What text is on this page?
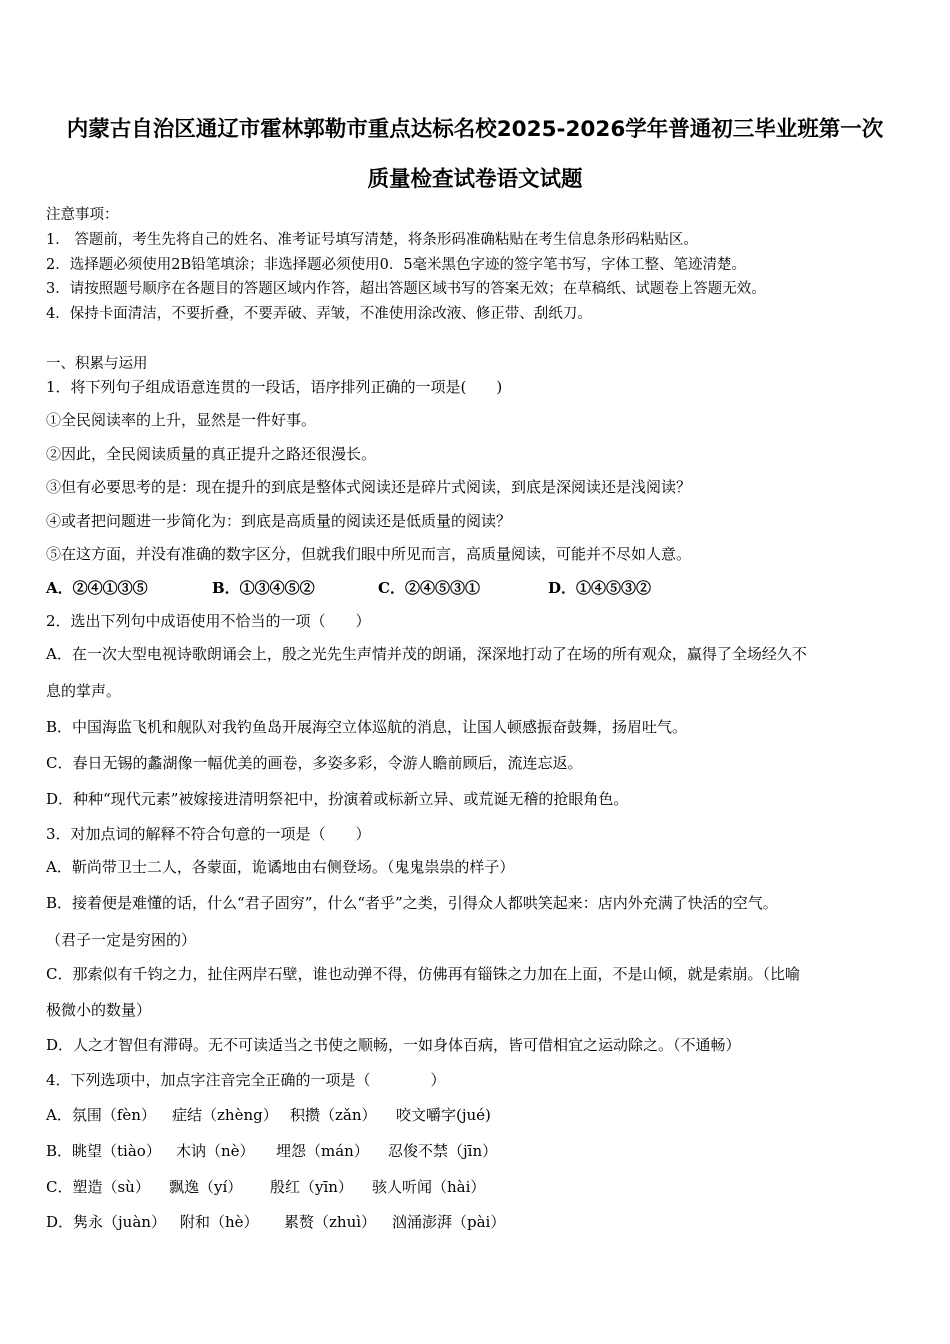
内蒙古自治区通辽市霍林郭勒市重点达标名校2025-2026学年普通初三毕业班第一次
质量检查试卷语文试题
注意事项：
1． 答题前，考生先将自己的姓名、准考证号填写清楚，将条形码准确粘贴在考生信息条形码粘贴区。
2．选择题必须使用2B铅笔填涂；非选择题必须使用0．5毫米黑色字迹的签字笔书写，字体工整、笔迹清楚。
3．请按照题号顺序在各题目的答题区域内作答，超出答题区域书写的答案无效；在草稿纸、试题卷上答题无效。
4．保持卡面清洁，不要折叠，不要弄破、弄皱，不准使用涂改液、修正带、刮纸刀。
一、积累与运用
1．将下列句子组成语意连贯的一段话，语序排列正确的一项是(　　)
①全民阅读率的上升，显然是一件好事。
②因此，全民阅读质量的真正提升之路还很漫长。
③但有必要思考的是：现在提升的到底是整体式阅读还是碎片式阅读，到底是深阅读还是浅阅读？
④或者把问题进一步简化为：到底是高质量的阅读还是低质量的阅读？
⑤在这方面，并没有准确的数字区分，但就我们眼中所见而言，高质量阅读，可能并不尽如人意。
A．②④①③⑤	B．①③④⑤②	C．②④⑤③①	D．①④⑤③②
2．选出下列句中成语使用不恰当的一项（　　）
A．在一次大型电视诗歌朗诵会上，殷之光先生声情并茂的朗诵，深深地打动了在场的所有观众，赢得了全场经久不
息的掌声。
B．中国海监飞机和舰队对我钓鱼岛开展海空立体巡航的消息，让国人顿感振奋鼓舞，扬眉吐气。
C．春日无锡的蠡湖像一幅优美的画卷，多姿多彩，令游人瞻前顾后，流连忘返。
D．种种“现代元素”被嫁接进清明祭祀中，扮演着或标新立异、或荒诞无稽的抢眼角色。
3．对加点词的解释不符合句意的一项是（　　）
A．靳尚带卫士二人，各蒙面，诡谲地由右侧登场。（鬼鬼祟祟的样子）
B．接着便是难懂的话，什么“君子固穷”，什么“者乎”之类，引得众人都哄笑起来：店内外充满了快活的空气。
（君子一定是穷困的）
C．那索似有千钧之力，扯住两岸石壁，谁也动弹不得，仿佛再有锱铢之力加在上面，不是山倾，就是索崩。（比喻
极微小的数量）
D．人之才智但有滞碍。无不可读适当之书使之顺畅，一如身体百病，皆可借相宜之运动除之。（不通畅）
4．下列选项中，加点字注音完全正确的一项是（　　　　）
A．氛围（fèn） 症结（zhèng） 积攒（zǎn） 咬文嚼字(jué)
B．眺望（tiào） 木讷（nè） 埋怨（mán） 忍俊不禁（jīn）
C．塑造（sù） 飘逸（yí） 殷红（yīn） 骇人听闻（hài）
D．隽永（juàn） 附和（hè） 累赘（zhuì） 汹涌澎湃（pài）
